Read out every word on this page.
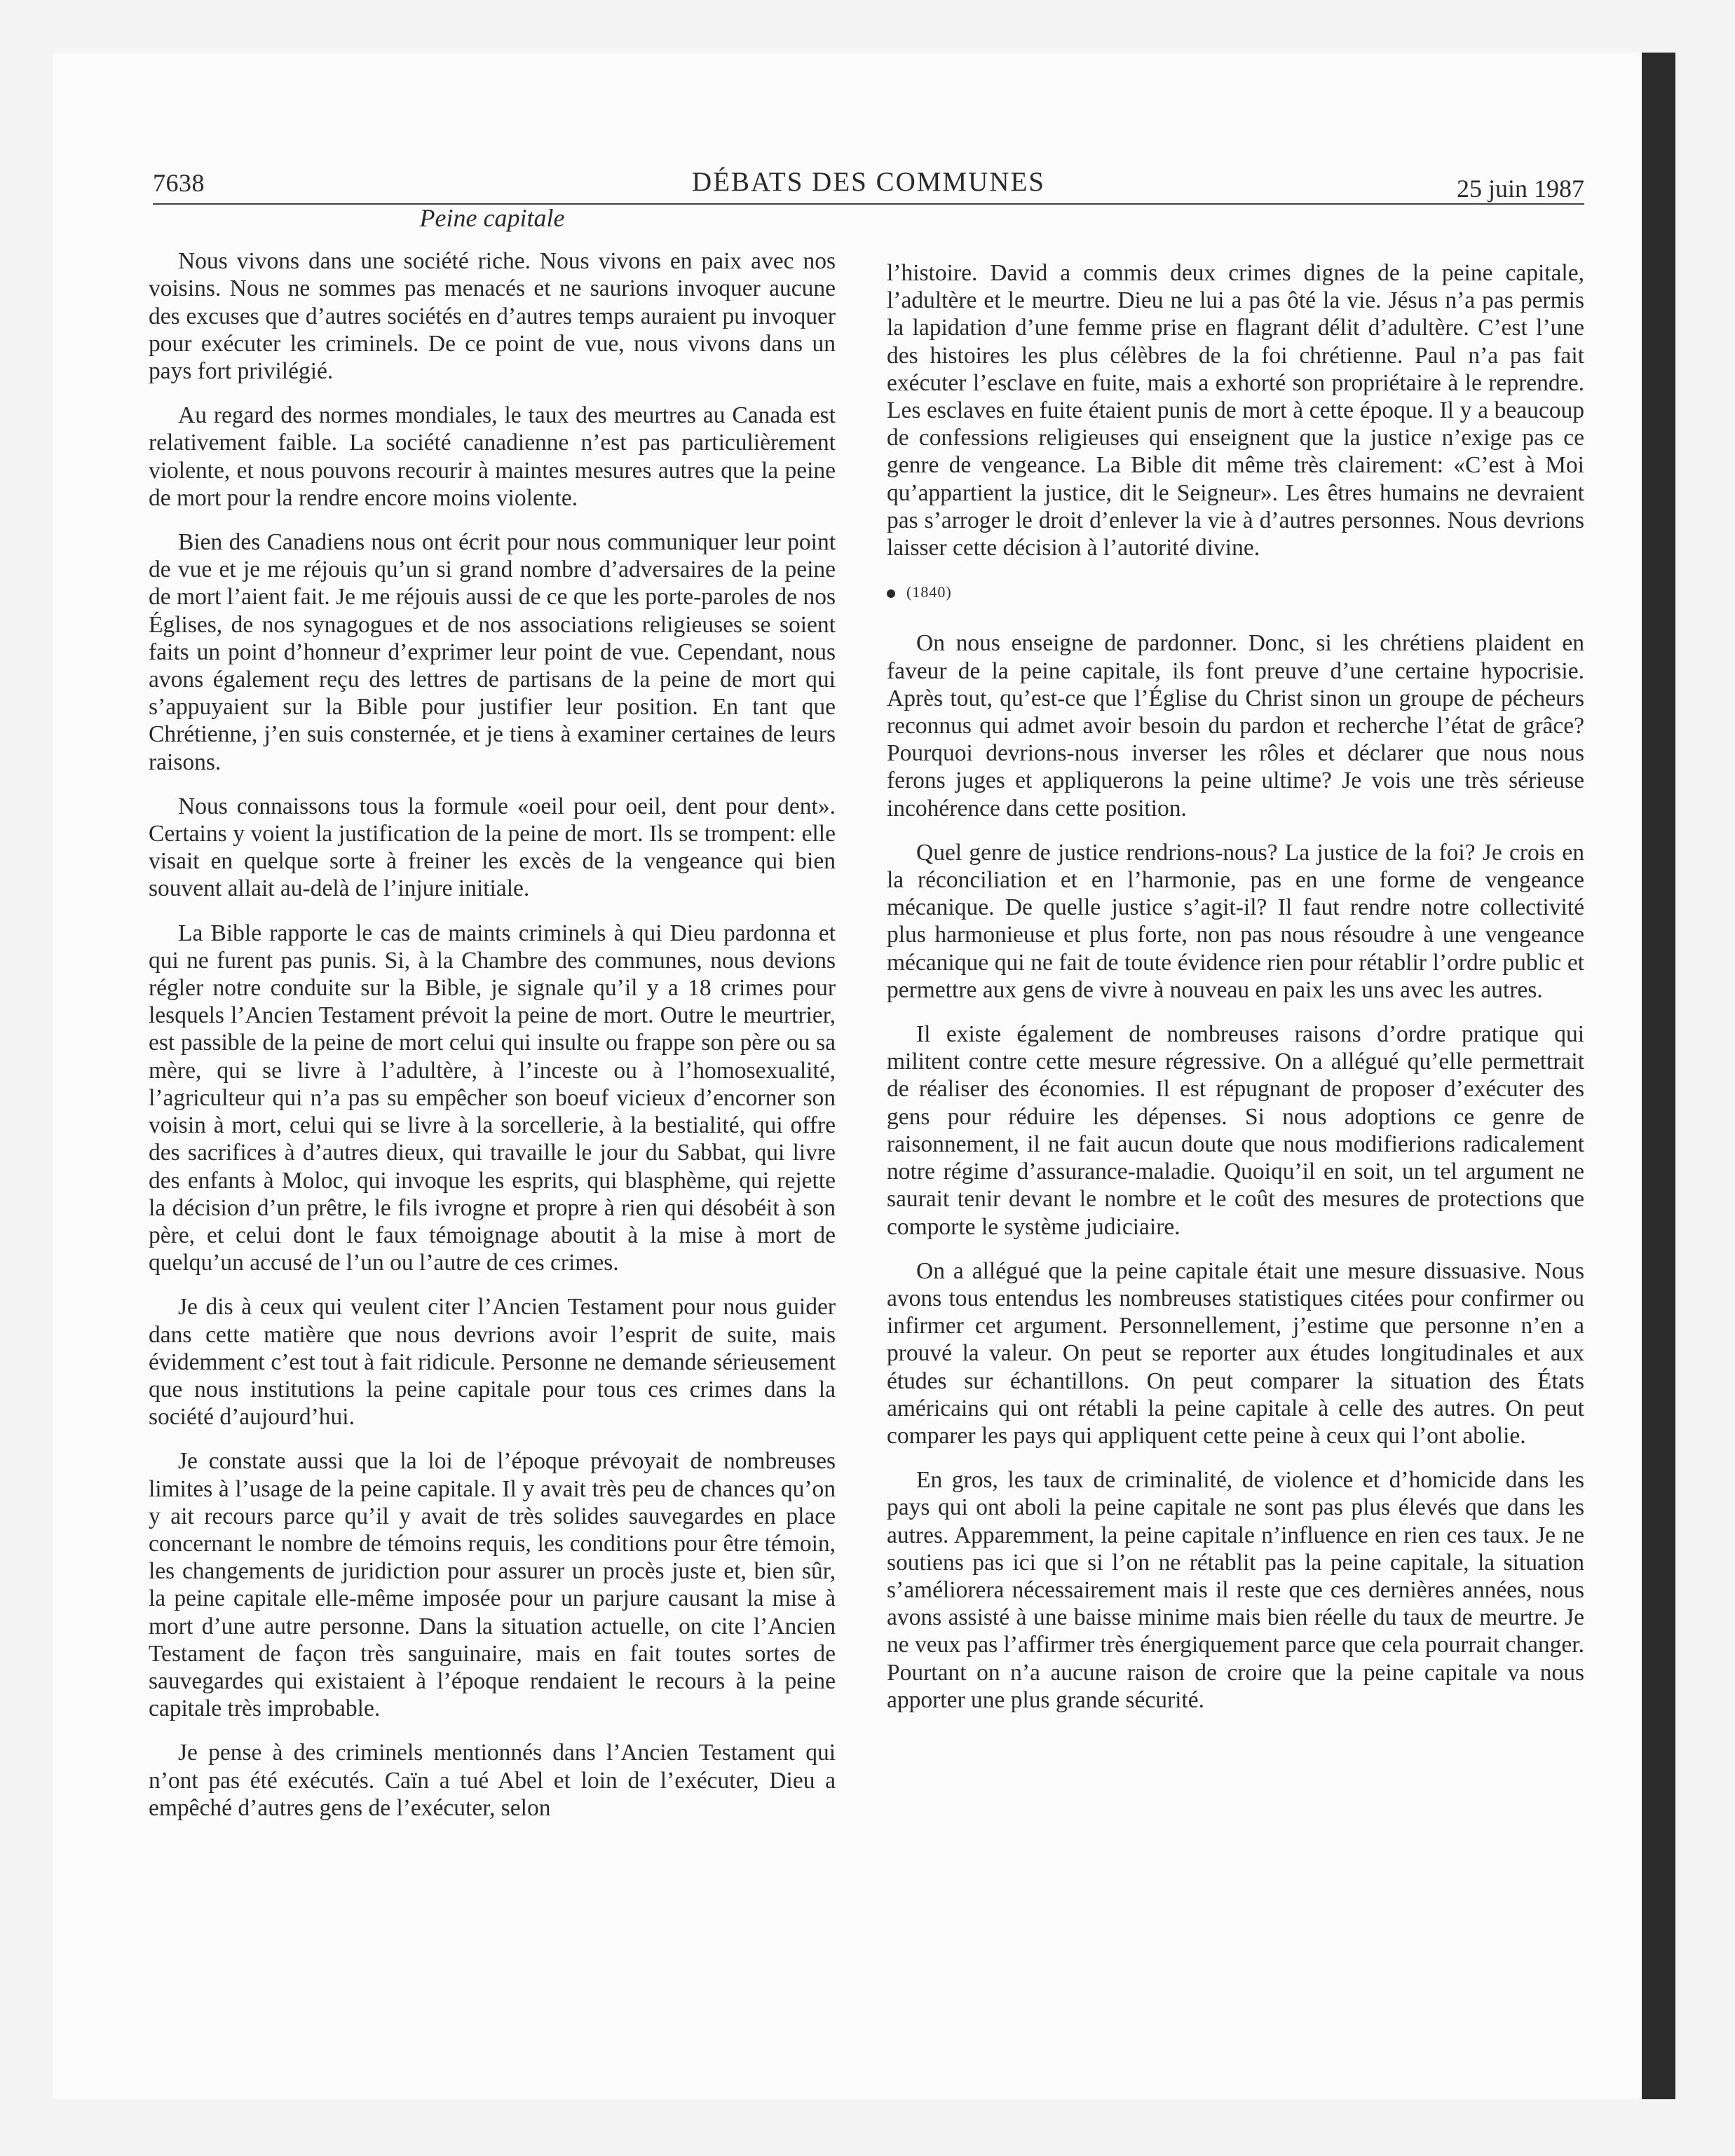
7638	DÉBATS DES COMMUNES	25 juin 1987
Peine capitale

Nous vivons dans une société riche. Nous vivons en paix avec nos voisins. Nous ne sommes pas menacés et ne saurions invoquer aucune des excuses que d’autres sociétés en d’autres temps auraient pu invoquer pour exécuter les criminels. De ce point de vue, nous vivons dans un pays fort privilégié.

Au regard des normes mondiales, le taux des meurtres au Canada est relativement faible. La société canadienne n’est pas particulièrement violente, et nous pouvons recourir à maintes mesures autres que la peine de mort pour la rendre encore moins violente.

Bien des Canadiens nous ont écrit pour nous communiquer leur point de vue et je me réjouis qu’un si grand nombre d’adversaires de la peine de mort l’aient fait. Je me réjouis aussi de ce que les porte-paroles de nos Églises, de nos synagogues et de nos associations religieuses se soient faits un point d’honneur d’exprimer leur point de vue. Cependant, nous avons également reçu des lettres de partisans de la peine de mort qui s’appuyaient sur la Bible pour justifier leur position. En tant que Chrétienne, j’en suis consternée, et je tiens à examiner certaines de leurs raisons.

Nous connaissons tous la formule «oeil pour oeil, dent pour dent». Certains y voient la justification de la peine de mort. Ils se trompent: elle visait en quelque sorte à freiner les excès de la vengeance qui bien souvent allait au-delà de l’injure initiale.

La Bible rapporte le cas de maints criminels à qui Dieu pardonna et qui ne furent pas punis. Si, à la Chambre des communes, nous devions régler notre conduite sur la Bible, je signale qu’il y a 18 crimes pour lesquels l’Ancien Testament prévoit la peine de mort. Outre le meurtrier, est passible de la peine de mort celui qui insulte ou frappe son père ou sa mère, qui se livre à l’adultère, à l’inceste ou à l’homosexualité, l’agriculteur qui n’a pas su empêcher son boeuf vicieux d’encorner son voisin à mort, celui qui se livre à la sorcellerie, à la bestialité, qui offre des sacrifices à d’autres dieux, qui travaille le jour du Sabbat, qui livre des enfants à Moloc, qui invoque les esprits, qui blasphème, qui rejette la décision d’un prêtre, le fils ivrogne et propre à rien qui désobéit à son père, et celui dont le faux témoignage aboutit à la mise à mort de quelqu’un accusé de l’un ou l’autre de ces crimes.

Je dis à ceux qui veulent citer l’Ancien Testament pour nous guider dans cette matière que nous devrions avoir l’esprit de suite, mais évidemment c’est tout à fait ridicule. Personne ne demande sérieusement que nous institutions la peine capitale pour tous ces crimes dans la société d’aujourd’hui.

Je constate aussi que la loi de l’époque prévoyait de nombreuses limites à l’usage de la peine capitale. Il y avait très peu de chances qu’on y ait recours parce qu’il y avait de très solides sauvegardes en place concernant le nombre de témoins requis, les conditions pour être témoin, les changements de juridiction pour assurer un procès juste et, bien sûr, la peine capitale elle-même imposée pour un parjure causant la mise à mort d’une autre personne. Dans la situation actuelle, on cite l’Ancien Testament de façon très sanguinaire, mais en fait toutes sortes de sauvegardes qui existaient à l’époque rendaient le recours à la peine capitale très improbable.

Je pense à des criminels mentionnés dans l’Ancien Testament qui n’ont pas été exécutés. Caïn a tué Abel et loin de l’exécuter, Dieu a empêché d’autres gens de l’exécuter, selon

l’histoire. David a commis deux crimes dignes de la peine capitale, l’adultère et le meurtre. Dieu ne lui a pas ôté la vie. Jésus n’a pas permis la lapidation d’une femme prise en flagrant délit d’adultère. C’est l’une des histoires les plus célèbres de la foi chrétienne. Paul n’a pas fait exécuter l’esclave en fuite, mais a exhorté son propriétaire à le reprendre. Les esclaves en fuite étaient punis de mort à cette époque. Il y a beaucoup de confessions religieuses qui enseignent que la justice n’exige pas ce genre de vengeance. La Bible dit même très clairement: «C’est à Moi qu’appartient la justice, dit le Seigneur». Les êtres humains ne devraient pas s’arroger le droit d’enlever la vie à d’autres personnes. Nous devrions laisser cette décision à l’autorité divine.

(1840)

On nous enseigne de pardonner. Donc, si les chrétiens plaident en faveur de la peine capitale, ils font preuve d’une certaine hypocrisie. Après tout, qu’est-ce que l’Église du Christ sinon un groupe de pécheurs reconnus qui admet avoir besoin du pardon et recherche l’état de grâce? Pourquoi devrions-nous inverser les rôles et déclarer que nous nous ferons juges et appliquerons la peine ultime? Je vois une très sérieuse incohérence dans cette position.

Quel genre de justice rendrions-nous? La justice de la foi? Je crois en la réconciliation et en l’harmonie, pas en une forme de vengeance mécanique. De quelle justice s’agit-il? Il faut rendre notre collectivité plus harmonieuse et plus forte, non pas nous résoudre à une vengeance mécanique qui ne fait de toute évidence rien pour rétablir l’ordre public et permettre aux gens de vivre à nouveau en paix les uns avec les autres.

Il existe également de nombreuses raisons d’ordre pratique qui militent contre cette mesure régressive. On a allégué qu’elle permettrait de réaliser des économies. Il est répugnant de proposer d’exécuter des gens pour réduire les dépenses. Si nous adoptions ce genre de raisonnement, il ne fait aucun doute que nous modifierions radicalement notre régime d’assurance-maladie. Quoiqu’il en soit, un tel argument ne saurait tenir devant le nombre et le coût des mesures de protections que comporte le système judiciaire.

On a allégué que la peine capitale était une mesure dissuasive. Nous avons tous entendus les nombreuses statistiques citées pour confirmer ou infirmer cet argument. Personnellement, j’estime que personne n’en a prouvé la valeur. On peut se reporter aux études longitudinales et aux études sur échantillons. On peut comparer la situation des États américains qui ont rétabli la peine capitale à celle des autres. On peut comparer les pays qui appliquent cette peine à ceux qui l’ont abolie.

En gros, les taux de criminalité, de violence et d’homicide dans les pays qui ont aboli la peine capitale ne sont pas plus élevés que dans les autres. Apparemment, la peine capitale n’influence en rien ces taux. Je ne soutiens pas ici que si l’on ne rétablit pas la peine capitale, la situation s’améliorera nécessairement mais il reste que ces dernières années, nous avons assisté à une baisse minime mais bien réelle du taux de meurtre. Je ne veux pas l’affirmer très énergiquement parce que cela pourrait changer. Pourtant on n’a aucune raison de croire que la peine capitale va nous apporter une plus grande sécurité.
